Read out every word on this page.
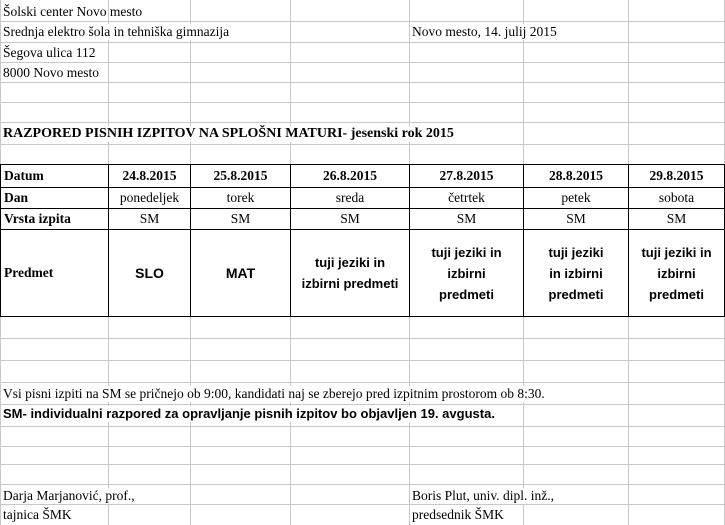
Šolski center Novo mesto
Srednja elektro šola in tehniška gimnazija
Šegova ulica 112
8000 Novo mesto
Novo mesto, 14. julij 2015
RAZPORED PISNIH IZPITOV NA SPLOŠNI MATURI- jesenski rok 2015
Datum	24.8.2015	25.8.2015	26.8.2015	27.8.2015	28.8.2015	29.8.2015
Dan	ponedeljek	torek	sreda	četrtek	petek	sobota
Vrsta izpita	SM	SM	SM	SM	SM	SM
Predmet	SLO	MAT	tuji jeziki in izbirni predmeti	tuji jeziki in izbirni predmeti	tuji jeziki in izbirni predmeti	tuji jeziki in izbirni predmeti
Vsi pisni izpiti na SM se pričnejo ob 9:00, kandidati naj se zberejo pred izpitnim prostorom ob 8:30.
SM- individualni razpored za opravljanje pisnih izpitov bo objavljen 19. avgusta.
Darja Marjanović, prof.,
tajnica ŠMK
Boris Plut, univ. dipl. inž.,
predsednik ŠMK
